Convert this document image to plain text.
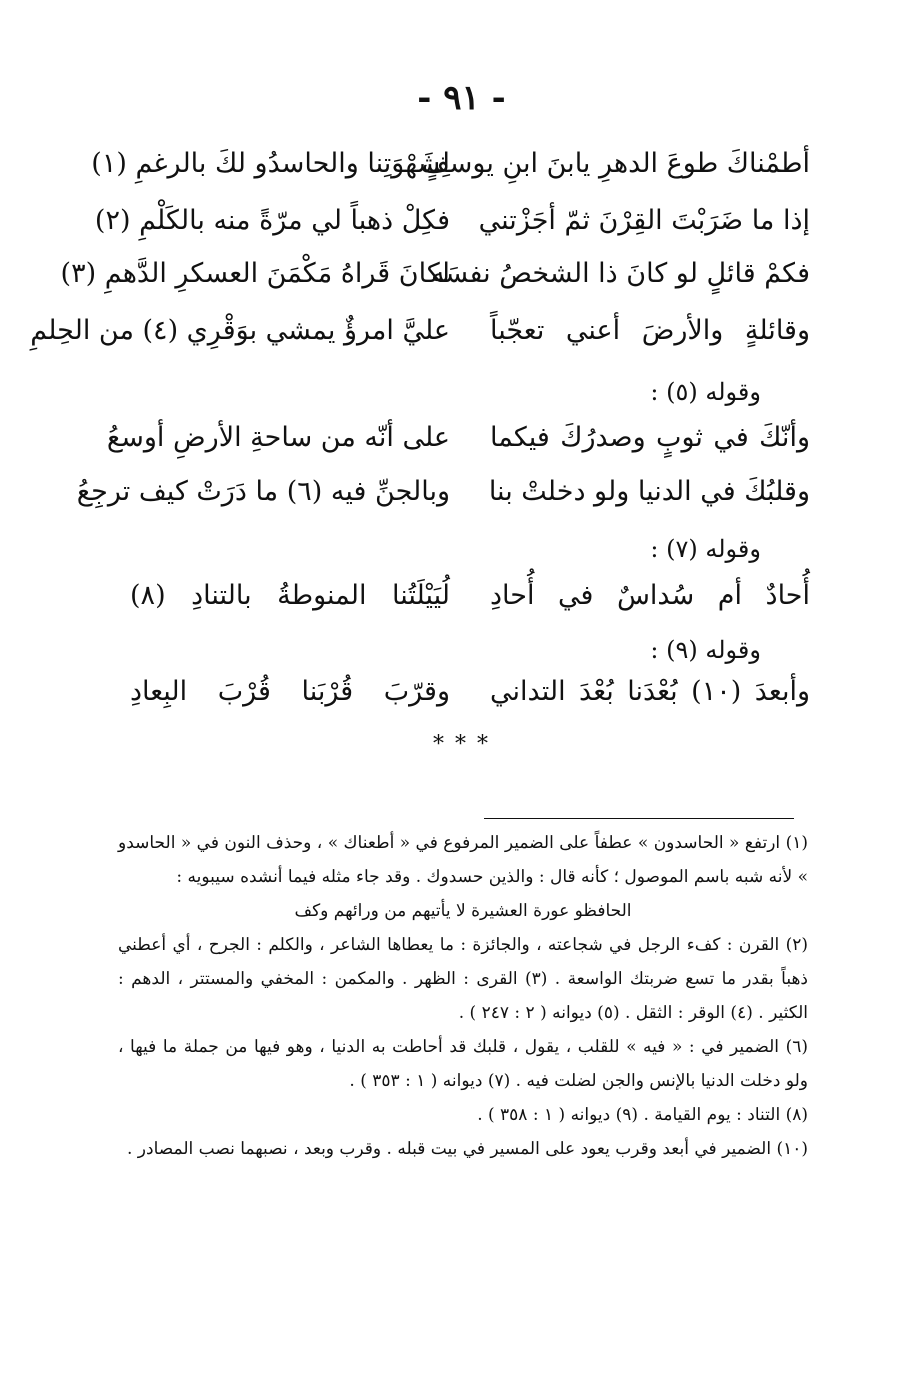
- ٩١ -
أطمْناكَ طوعَ الدهرِ يابنَ ابنِ يوسفٍ
لِشَهْوَتِنا والحاسدُو لكَ بالرغمِ (١)
إذا ما ضَرَبْتَ القِرْنَ ثمّ أجَزْتني
فكِلْ ذهباً لي مرّةً منه بالكَلْمِ (٢)
فكمْ قائلٍ لو كانَ ذا الشخصُ نفسَه
لكانَ قَراهُ مَكْمَنَ العسكرِ الدَّهمِ (٣)
وقائلةٍ والأرضَ أعني تعجّباً
عليَّ امرؤٌ يمشي بوَقْرِي (٤) من الحِلمِ
وقوله (٥) :
وأنّكَ في ثوبٍ وصدرُكَ فيكما
على أنّه من ساحةِ الأرضِ أوسعُ
وقلبُكَ في الدنيا ولو دخلتْ بنا
وبالجنِّ فيه (٦) ما دَرَتْ كيف ترجِعُ
وقوله (٧) :
أُحادٌ أم سُداسٌ في أُحادِ
لُيَيْلَتُنا المنوطةُ بالتنادِ (٨)
وقوله (٩) :
وأبعدَ (١٠) بُعْدَنا بُعْدَ التداني
وقرّبَ قُرْبَنا قُرْبَ البِعادِ
* * *

(١) ارتفع « الحاسدون » عطفاً على الضمير المرفوع في « أطعناك » ، وحذف النون في « الحاسدو » لأنه شبه باسم الموصول ؛ كأنه قال : والذين حسدوك . وقد جاء مثله فيما أنشده سيبويه :

الحافظو عورة العشيرة لا يأتيهم من ورائهم وكف

(٢) القرن : كفء الرجل في شجاعته ، والجائزة : ما يعطاها الشاعر ، والكلم : الجرح ، أي أعطني ذهباً بقدر ما تسع ضربتك الواسعة . (٣) القرى : الظهر . والمكمن : المخفي والمستتر ، الدهم : الكثير . (٤) الوقر : الثقل . (٥) ديوانه ( ٢ : ٢٤٧ ) .

(٦) الضمير في : « فيه » للقلب ، يقول ، قلبك قد أحاطت به الدنيا ، وهو فيها من جملة ما فيها ، ولو دخلت الدنيا بالإنس والجن لضلت فيه . (٧) ديوانه ( ١ : ٣٥٣ ) .

(٨) التناد : يوم القيامة . (٩) ديوانه ( ١ : ٣٥٨ ) .

(١٠) الضمير في أبعد وقرب يعود على المسير في بيت قبله . وقرب وبعد ، نصبهما نصب المصادر .
